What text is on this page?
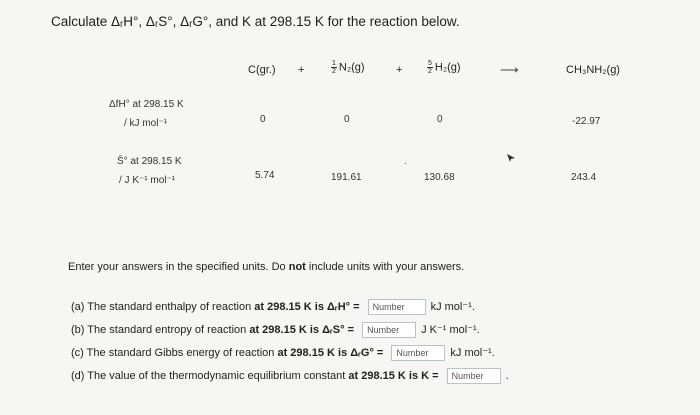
Calculate ΔᵣH°, ΔᵣS°, ΔᵣG°, and K at 298.15 K for the reaction below.
C(gr.) +	$\frac{1}{2} N_2(g)$	+	$\frac{5}{2} H_2(g)$	⟶	CH₃NH₂(g)
ΔfH° at 298.15 K
/ kJ mol⁻¹	0	0	0	-22.97
S̄° at 298.15 K
/ J K⁻¹ mol⁻¹	5.74	191.61	130.68	243.4
·
Enter your answers in the specified units. Do not include units with your answers.
(a) The standard enthalpy of reaction at 298.15 K is ΔᵣH° = Number	kJ mol⁻¹.
(b) The standard entropy of reaction at 298.15 K is ΔᵣS° = Number	J K⁻¹ mol⁻¹.
(c) The standard Gibbs energy of reaction at 298.15 K is ΔᵣG° = Number	kJ mol⁻¹.
(d) The value of the thermodynamic equilibrium constant at 298.15 K is K = Number	.
